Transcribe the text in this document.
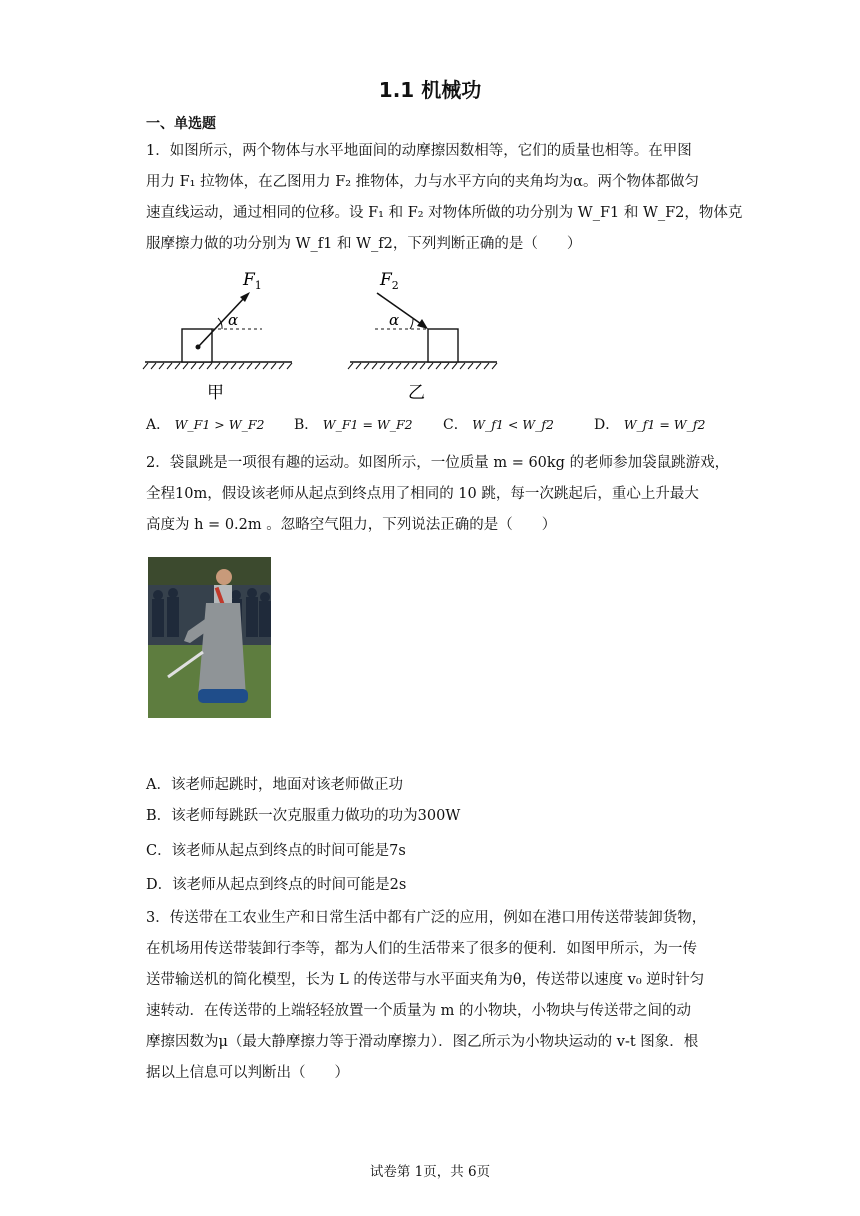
1.1 机械功
一、单选题
1．如图所示，两个物体与水平地面间的动摩擦因数相等，它们的质量也相等。在甲图
用力 F₁ 拉物体，在乙图用力 F₂ 推物体，力与水平方向的夹角均为α。两个物体都做匀
速直线运动，通过相同的位移。设 F₁ 和 F₂ 对物体所做的功分别为 W_F1 和 W_F2，物体克
服摩擦力做的功分别为 W_f1 和 W_f2，下列判断正确的是（　　）
α
$F_1$
甲
α
$F_2$
乙
A． W_F1 > W_F2 B． W_F1 = W_F2 C． W_f1 < W_f2	D． W_f1 = W_f2
2．袋鼠跳是一项很有趣的运动。如图所示，一位质量 m = 60kg 的老师参加袋鼠跳游戏，
全程10m，假设该老师从起点到终点用了相同的 10 跳，每一次跳起后，重心上升最大
高度为 h = 0.2m 。忽略空气阻力，下列说法正确的是（　　）
A．该老师起跳时，地面对该老师做正功
B．该老师每跳跃一次克服重力做功的功为300W
C．该老师从起点到终点的时间可能是7s
D．该老师从起点到终点的时间可能是2s
3．传送带在工农业生产和日常生活中都有广泛的应用，例如在港口用传送带装卸货物，
在机场用传送带装卸行李等，都为人们的生活带来了很多的便利．如图甲所示，为一传
送带输送机的简化模型，长为 L 的传送带与水平面夹角为θ，传送带以速度 v₀ 逆时针匀
速转动．在传送带的上端轻轻放置一个质量为 m 的小物块，小物块与传送带之间的动
摩擦因数为μ（最大静摩擦力等于滑动摩擦力）．图乙所示为小物块运动的 v-t 图象．根
据以上信息可以判断出（　　）
试卷第 1页，共 6页
